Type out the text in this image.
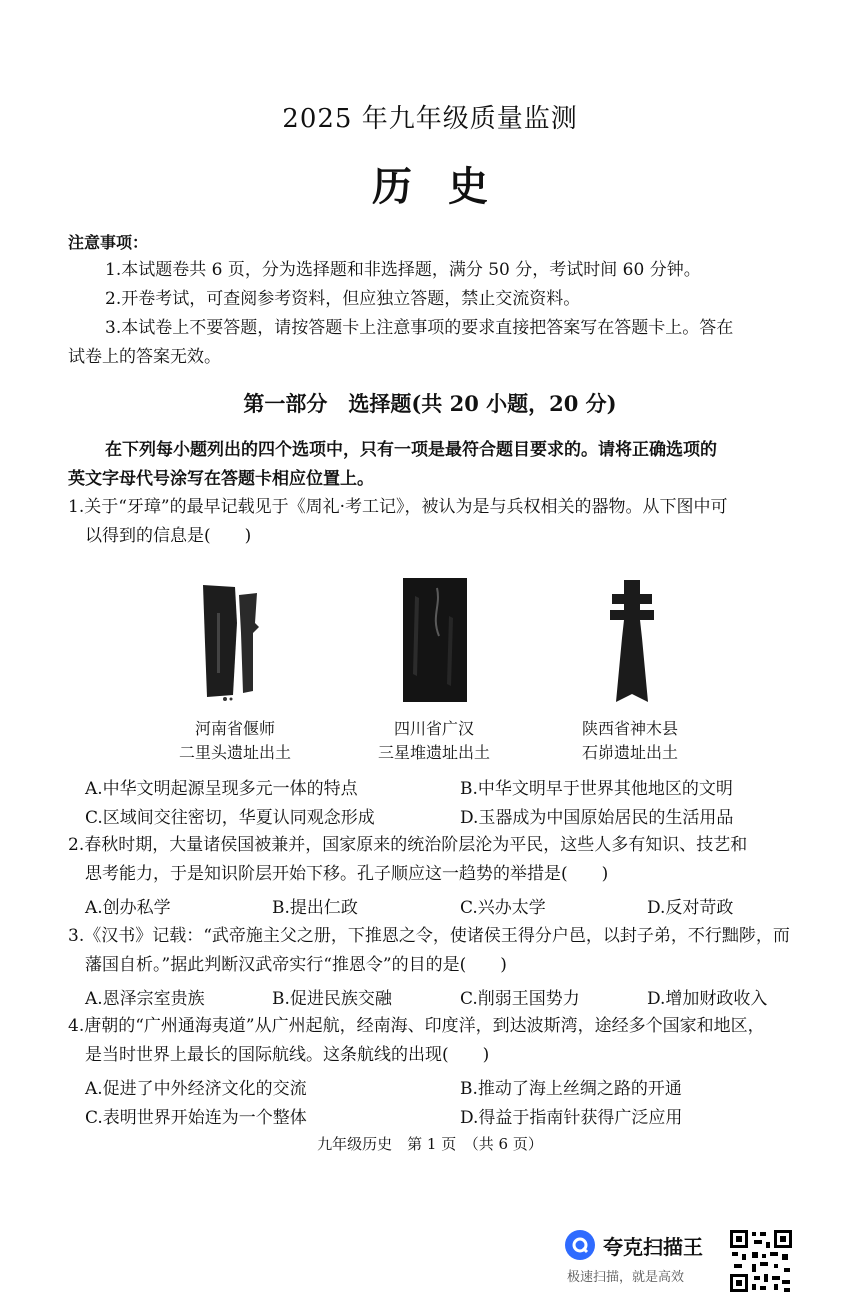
2025 年九年级质量监测
历史
注意事项：
1.本试题卷共 6 页，分为选择题和非选择题，满分 50 分，考试时间 60 分钟。
2.开卷考试，可查阅参考资料，但应独立答题，禁止交流资料。
3.本试卷上不要答题，请按答题卡上注意事项的要求直接把答案写在答题卡上。答在
试卷上的答案无效。
第一部分　选择题(共 20 小题，20 分)
在下列每小题列出的四个选项中，只有一项是最符合题目要求的。请将正确选项的
英文字母代号涂写在答题卡相应位置上。
1.关于“牙璋”的最早记载见于《周礼·考工记》，被认为是与兵权相关的器物。从下图中可
以得到的信息是(　　)
河南省偃师
二里头遗址出土
四川省广汉
三星堆遗址出土
陕西省神木县
石峁遗址出土
A.中华文明起源呈现多元一体的特点	B.中华文明早于世界其他地区的文明
C.区域间交往密切，华夏认同观念形成	D.玉器成为中国原始居民的生活用品
2.春秋时期，大量诸侯国被兼并，国家原来的统治阶层沦为平民，这些人多有知识、技艺和
思考能力，于是知识阶层开始下移。孔子顺应这一趋势的举措是(　　)
A.创办私学	B.提出仁政	C.兴办太学	D.反对苛政
3.《汉书》记载：“武帝施主父之册，下推恩之令，使诸侯王得分户邑，以封子弟，不行黜陟，而
藩国自析。”据此判断汉武帝实行“推恩令”的目的是(　　)
A.恩泽宗室贵族	B.促进民族交融	C.削弱王国势力	D.增加财政收入
4.唐朝的“广州通海夷道”从广州起航，经南海、印度洋，到达波斯湾，途经多个国家和地区，
是当时世界上最长的国际航线。这条航线的出现(　　)
A.促进了中外经济文化的交流	B.推动了海上丝绸之路的开通
C.表明世界开始连为一个整体	D.得益于指南针获得广泛应用
九年级历史　第 1 页　（共 6 页）
夸克扫描王
极速扫描，就是高效
